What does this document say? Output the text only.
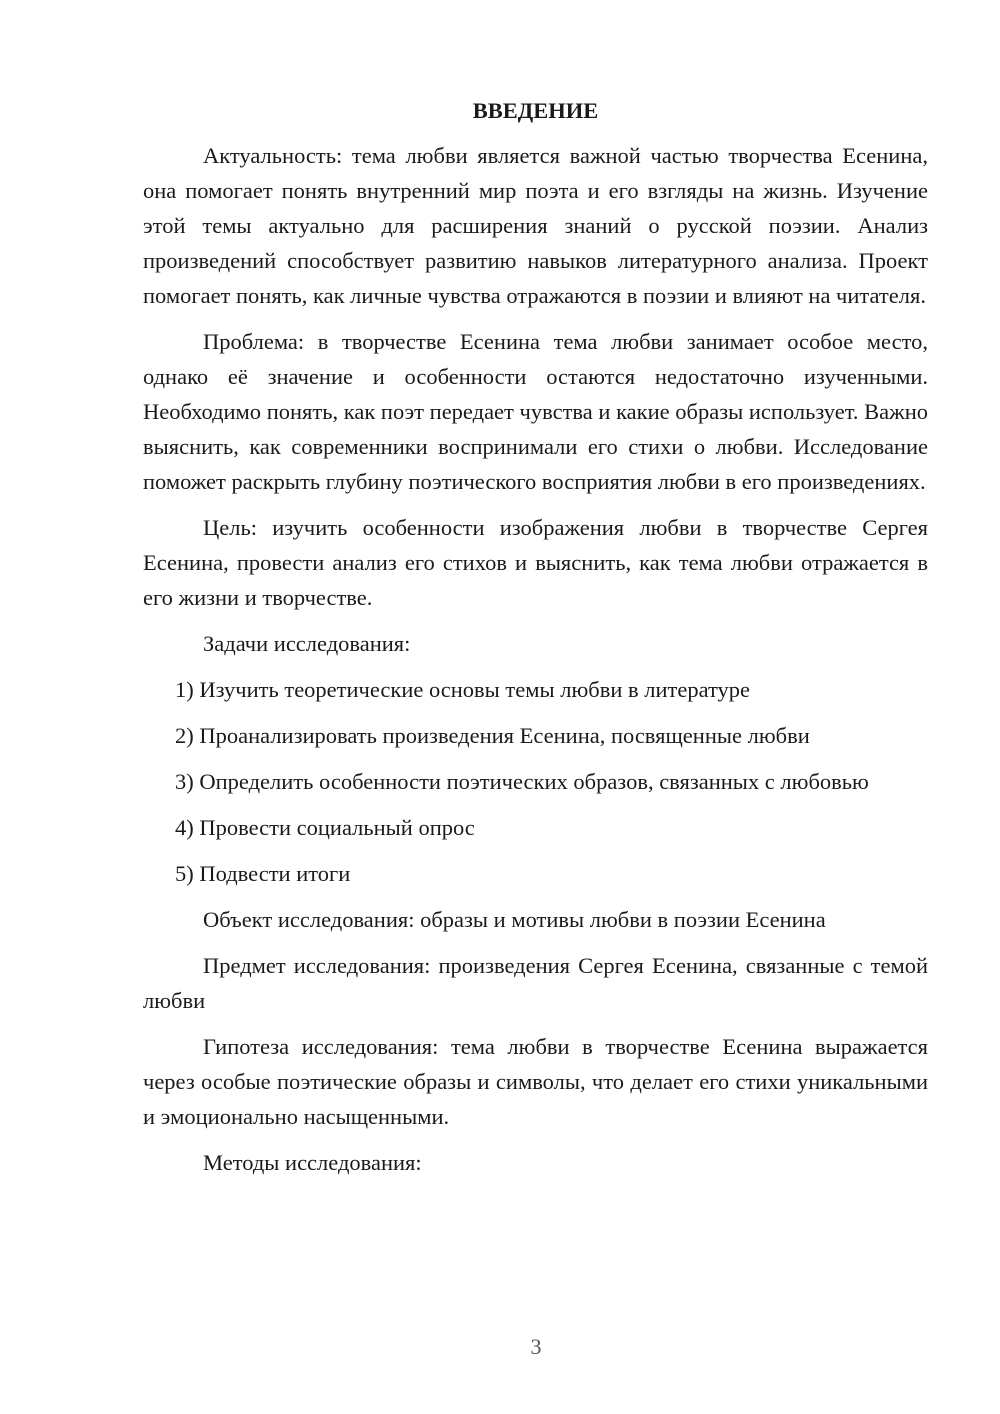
ВВЕДЕНИЕ

Актуальность: тема любви является важной частью творчества Есенина, она помогает понять внутренний мир поэта и его взгляды на жизнь. Изучение этой темы актуально для расширения знаний о русской поэзии. Анализ произведений способствует развитию навыков литературного анализа. Проект помогает понять, как личные чувства отражаются в поэзии и влияют на читателя.

Проблема: в творчестве Есенина тема любви занимает особое место, однако её значение и особенности остаются недостаточно изученными. Необходимо понять, как поэт передает чувства и какие образы использует. Важно выяснить, как современники воспринимали его стихи о любви. Исследование поможет раскрыть глубину поэтического восприятия любви в его произведениях.

Цель: изучить особенности изображения любви в творчестве Сергея Есенина, провести анализ его стихов и выяснить, как тема любви отражается в его жизни и творчестве.

Задачи исследования:

1) Изучить теоретические основы темы любви в литературе

2) Проанализировать произведения Есенина, посвященные любви

3) Определить особенности поэтических образов, связанных с любовью

4) Провести социальный опрос

5) Подвести итоги

Объект исследования: образы и мотивы любви в поэзии Есенина

Предмет исследования: произведения Сергея Есенина, связанные с темой любви

Гипотеза исследования: тема любви в творчестве Есенина выражается через особые поэтические образы и символы, что делает его стихи уникальными и эмоционально насыщенными.

Методы исследования:

3
